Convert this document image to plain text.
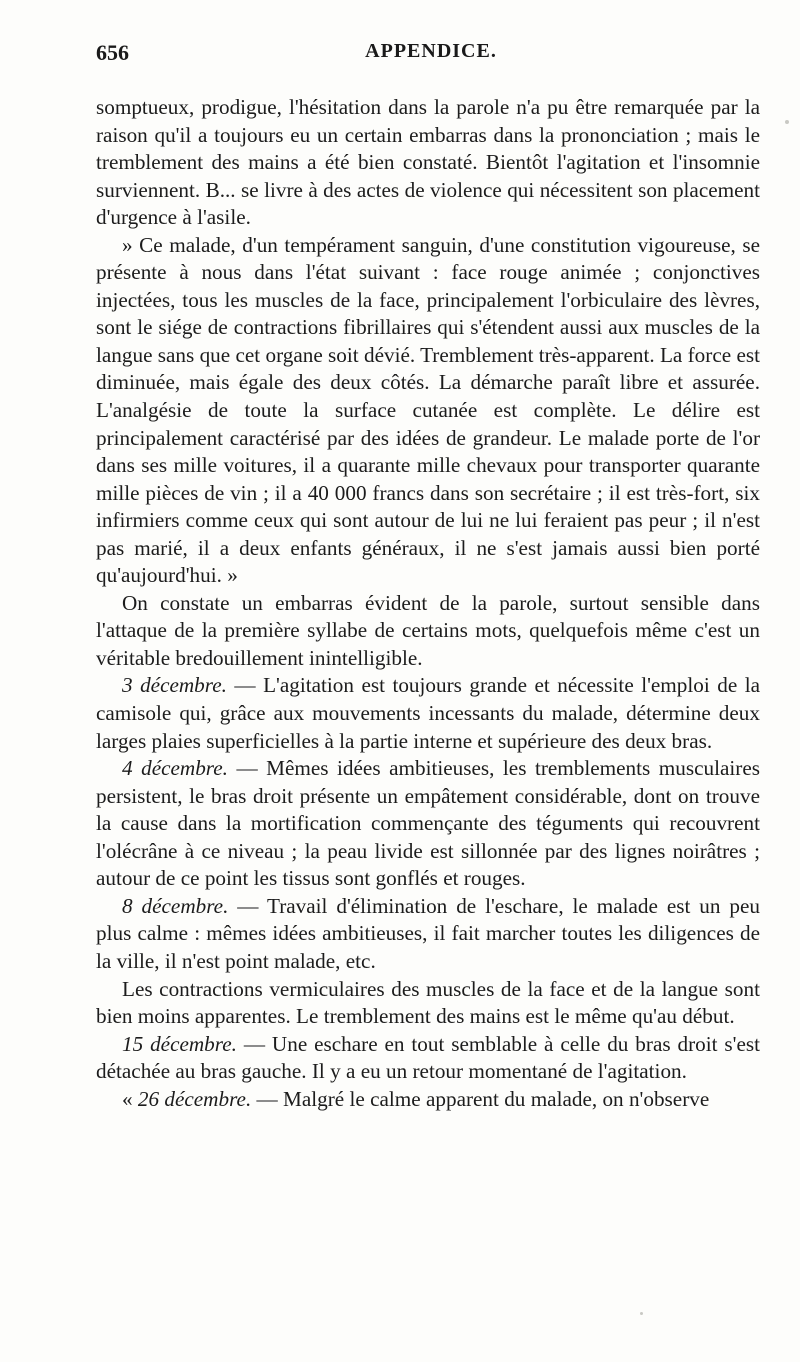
656	APPENDICE.

somptueux, prodigue, l'hésitation dans la parole n'a pu être remarquée par la raison qu'il a toujours eu un certain embarras dans la prononciation ; mais le tremblement des mains a été bien constaté. Bientôt l'agitation et l'insomnie surviennent. B... se livre à des actes de violence qui nécessitent son placement d'urgence à l'asile.

» Ce malade, d'un tempérament sanguin, d'une constitution vigoureuse, se présente à nous dans l'état suivant : face rouge animée ; conjonctives injectées, tous les muscles de la face, principalement l'orbiculaire des lèvres, sont le siége de contractions fibrillaires qui s'étendent aussi aux muscles de la langue sans que cet organe soit dévié. Tremblement très-apparent. La force est diminuée, mais égale des deux côtés. La démarche paraît libre et assurée. L'analgésie de toute la surface cutanée est complète. Le délire est principalement caractérisé par des idées de grandeur. Le malade porte de l'or dans ses mille voitures, il a quarante mille chevaux pour transporter quarante mille pièces de vin ; il a 40 000 francs dans son secrétaire ; il est très-fort, six infirmiers comme ceux qui sont autour de lui ne lui feraient pas peur ; il n'est pas marié, il a deux enfants généraux, il ne s'est jamais aussi bien porté qu'aujourd'hui. »

On constate un embarras évident de la parole, surtout sensible dans l'attaque de la première syllabe de certains mots, quelquefois même c'est un véritable bredouillement inintelligible.

3 décembre. — L'agitation est toujours grande et nécessite l'emploi de la camisole qui, grâce aux mouvements incessants du malade, détermine deux larges plaies superficielles à la partie interne et supérieure des deux bras.

4 décembre. — Mêmes idées ambitieuses, les tremblements musculaires persistent, le bras droit présente un empâtement considérable, dont on trouve la cause dans la mortification commençante des téguments qui recouvrent l'olécrâne à ce niveau ; la peau livide est sillonnée par des lignes noirâtres ; autour de ce point les tissus sont gonflés et rouges.

8 décembre. — Travail d'élimination de l'eschare, le malade est un peu plus calme : mêmes idées ambitieuses, il fait marcher toutes les diligences de la ville, il n'est point malade, etc.

Les contractions vermiculaires des muscles de la face et de la langue sont bien moins apparentes. Le tremblement des mains est le même qu'au début.

15 décembre. — Une eschare en tout semblable à celle du bras droit s'est détachée au bras gauche. Il y a eu un retour momentané de l'agitation.

« 26 décembre. — Malgré le calme apparent du malade, on n'observe
